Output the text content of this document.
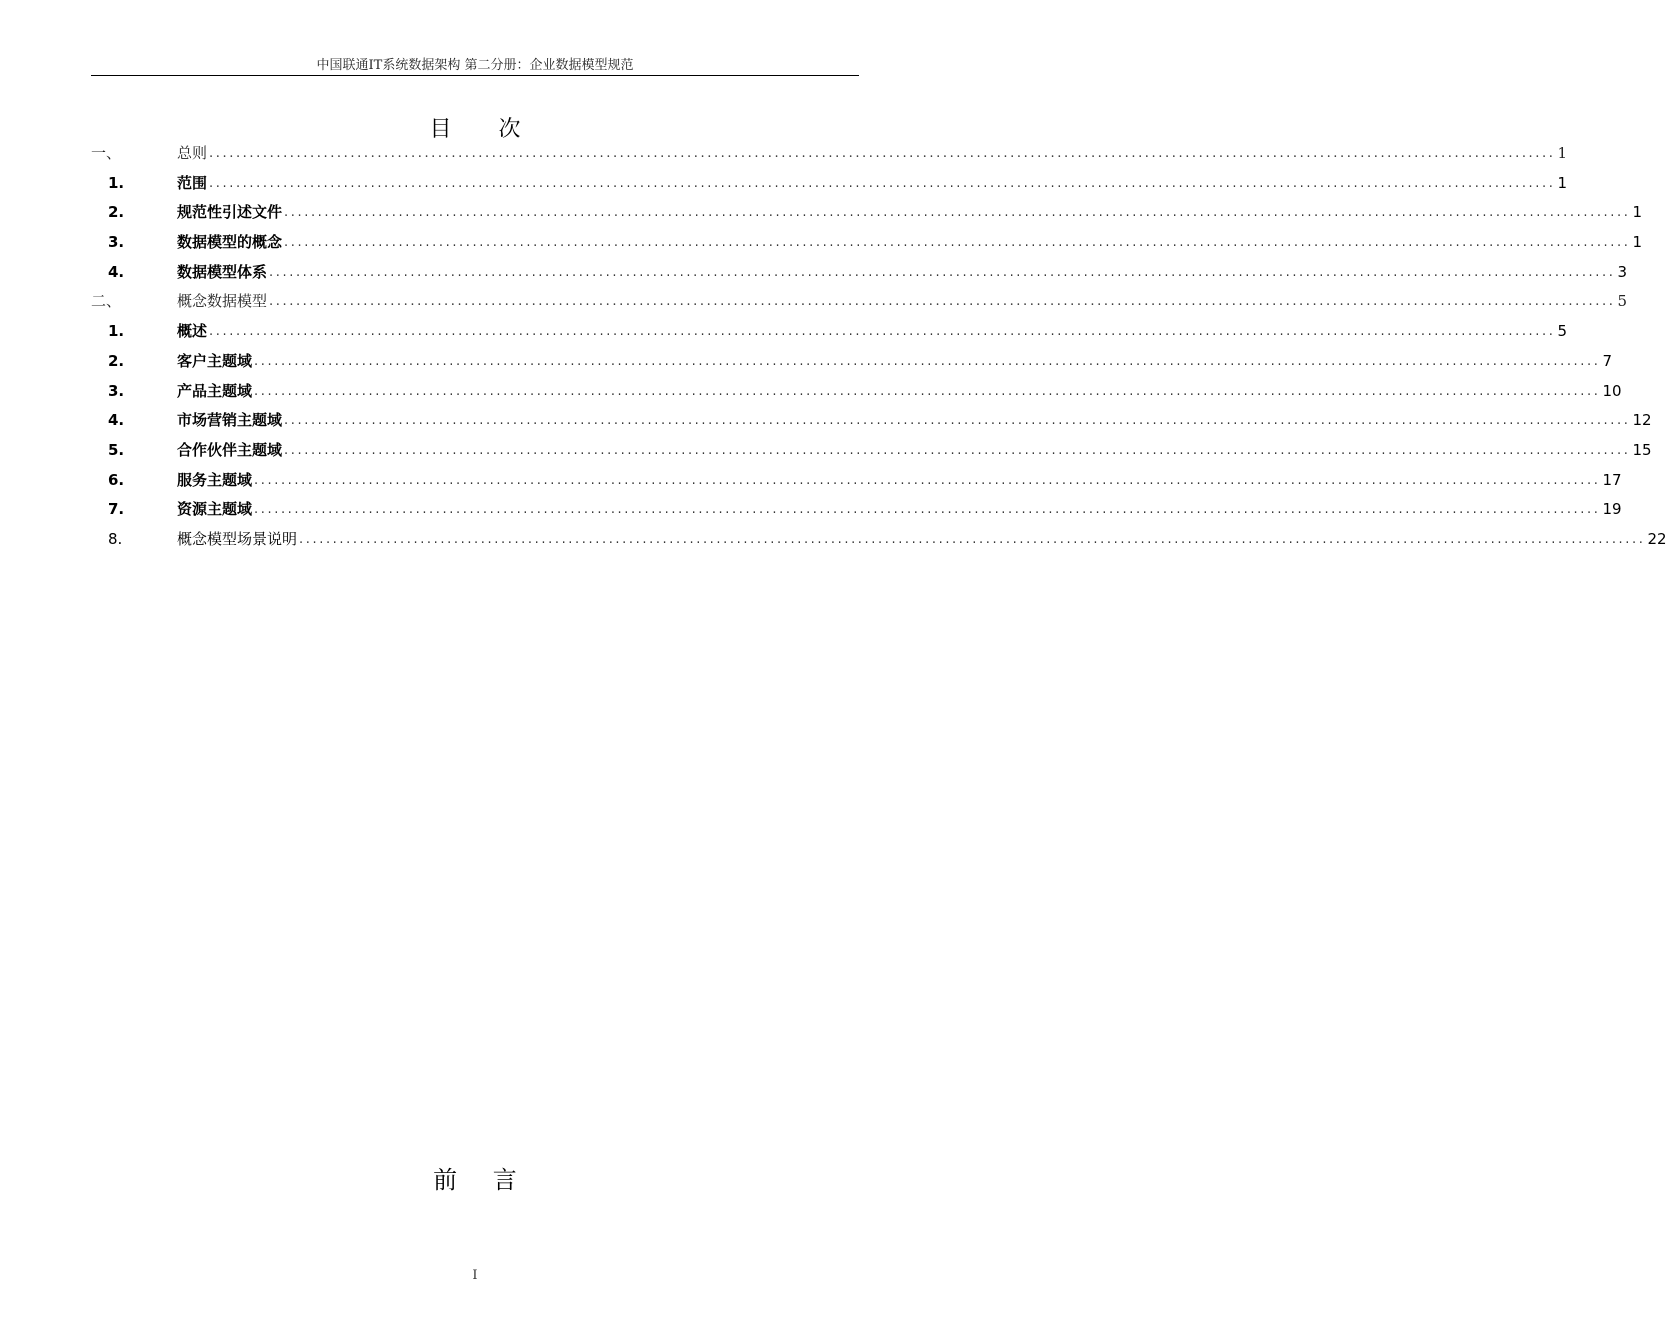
中国联通IT系统数据架构 第二分册：企业数据模型规范
目 次
一、	总则 ........................................................................................................................................................................................................ 1
1.	范围 ........................................................................................................................................................................................................ 1
2.	规范性引述文件 ........................................................................................................................................................................................................ 1
3.	数据模型的概念 ........................................................................................................................................................................................................ 1
4.	数据模型体系 ........................................................................................................................................................................................................ 3
二、	概念数据模型 ........................................................................................................................................................................................................ 5
1.	概述 ........................................................................................................................................................................................................ 5
2.	客户主题域 ........................................................................................................................................................................................................ 7
3.	产品主题域 ........................................................................................................................................................................................................ 10
4.	市场营销主题域 ........................................................................................................................................................................................................ 12
5.	合作伙伴主题域 ........................................................................................................................................................................................................ 15
6.	服务主题域 ........................................................................................................................................................................................................ 17
7.	资源主题域 ........................................................................................................................................................................................................ 19
8.	概念模型场景说明 ........................................................................................................................................................................................................ 22
前 言
I
